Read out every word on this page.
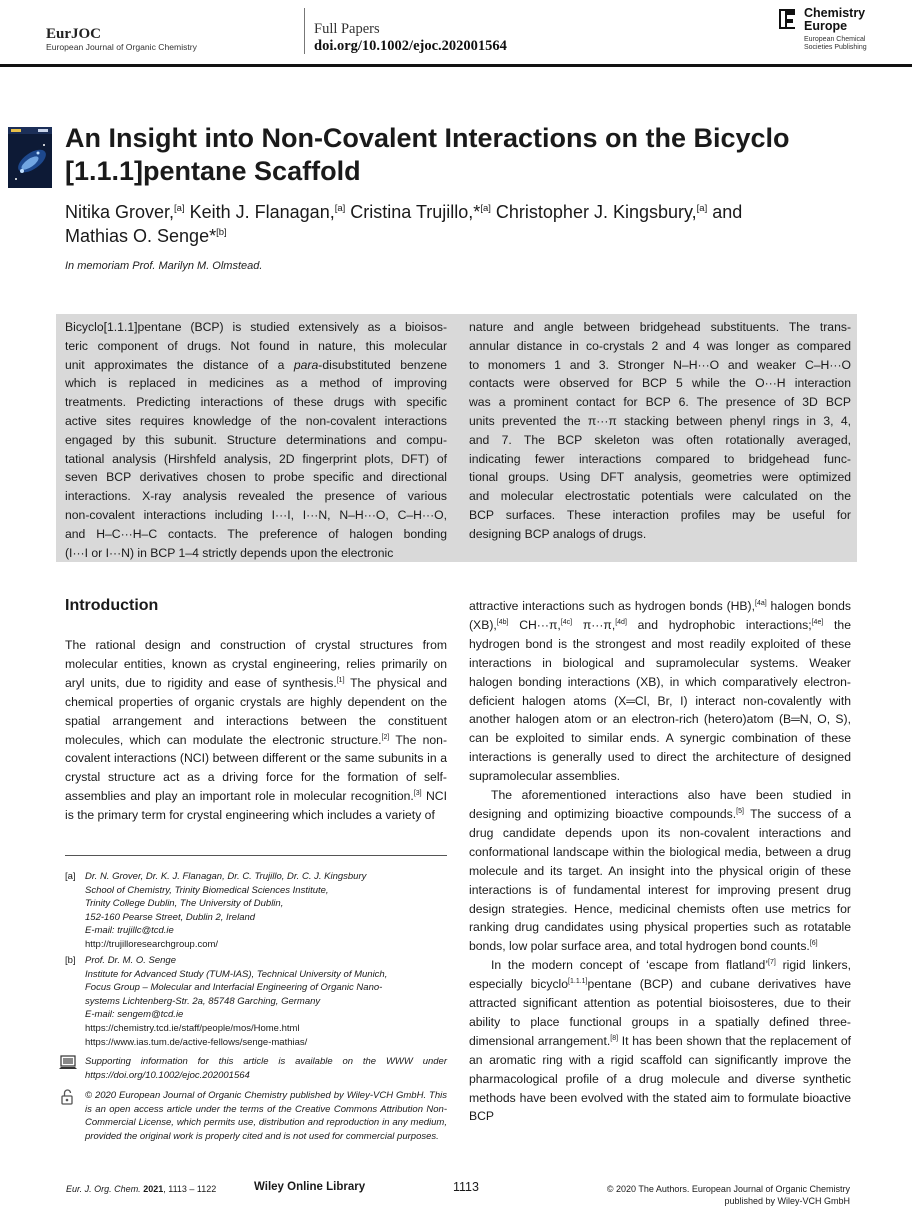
EurJOC
European Journal of Organic Chemistry
Full Papers
doi.org/10.1002/ejoc.202001564
Chemistry
Europe
European Chemical
Societies Publishing
An Insight into Non-Covalent Interactions on the Bicyclo
[1.1.1]pentane Scaffold
Nitika Grover,[a] Keith J. Flanagan,[a] Cristina Trujillo,*[a] Christopher J. Kingsbury,[a] and
Mathias O. Senge*[b]
In memoriam Prof. Marilyn M. Olmstead.
Bicyclo[1.1.1]pentane (BCP) is studied extensively as a bioisos-
teric component of drugs. Not found in nature, this molecular
unit approximates the distance of a para-disubstituted benzene
which is replaced in medicines as a method of improving
treatments. Predicting interactions of these drugs with specific
active sites requires knowledge of the non-covalent interactions
engaged by this subunit. Structure determinations and compu-
tational analysis (Hirshfeld analysis, 2D fingerprint plots, DFT) of
seven BCP derivatives chosen to probe specific and directional
interactions. X-ray analysis revealed the presence of various
non-covalent interactions including I···I, I···N, N‒H···O, C‒H···O,
and H‒C···H‒C contacts. The preference of halogen bonding
(I···I or I···N) in BCP 1–4 strictly depends upon the electronic
nature and angle between bridgehead substituents. The trans-
annular distance in co-crystals 2 and 4 was longer as compared
to monomers 1 and 3. Stronger N‒H···O and weaker C‒H···O
contacts were observed for BCP 5 while the O···H interaction
was a prominent contact for BCP 6. The presence of 3D BCP
units prevented the π···π stacking between phenyl rings in 3, 4,
and 7. The BCP skeleton was often rotationally averaged,
indicating fewer interactions compared to bridgehead func-
tional groups. Using DFT analysis, geometries were optimized
and molecular electrostatic potentials were calculated on the
BCP surfaces. These interaction profiles may be useful for
designing BCP analogs of drugs.
Introduction

The rational design and construction of crystal structures from molecular entities, known as crystal engineering, relies primarily on aryl units, due to rigidity and ease of synthesis.[1] The physical and chemical properties of organic crystals are highly dependent on the spatial arrangement and interactions between the constituent molecules, which can modulate the electronic structure.[2] The non-covalent interactions (NCI) between different or the same subunits in a crystal structure act as a driving force for the formation of self-assemblies and play an important role in molecular recognition.[3] NCI is the primary term for crystal engineering which includes a variety of

attractive interactions such as hydrogen bonds (HB),[4a] halogen bonds (XB),[4b] CH···π,[4c] π···π,[4d] and hydrophobic interactions;[4e] the hydrogen bond is the strongest and most readily exploited of these interactions in biological and supramolecular systems. Weaker halogen bonding interactions (XB), in which comparatively electron-deficient halogen atoms (X═Cl, Br, I) interact non-covalently with another halogen atom or an electron-rich (hetero)atom (B═N, O, S), can be exploited to similar ends. A synergic combination of these interactions is generally used to direct the architecture of designed supramolecular assemblies.

The aforementioned interactions also have been studied in designing and optimizing bioactive compounds.[5] The success of a drug candidate depends upon its non-covalent interactions and conformational landscape within the biological media, between a drug molecule and its target. An insight into the physical origin of these interactions is of fundamental interest for improving present drug design strategies. Hence, medicinal chemists often use metrics for ranking drug candidates using physical properties such as rotatable bonds, low polar surface area, and total hydrogen bond counts.[6]

In the modern concept of ‘escape from flatland’[7] rigid linkers, especially bicyclo[1.1.1]pentane (BCP) and cubane derivatives have attracted significant attention as potential bioisosteres, due to their ability to place functional groups in a spatially defined three-dimensional arrangement.[8] It has been shown that the replacement of an aromatic ring with a rigid scaffold can significantly improve the pharmacological profile of a drug molecule and diverse synthetic methods have been evolved with the stated aim to formulate bioactive BCP

[a] Dr. N. Grover, Dr. K. J. Flanagan, Dr. C. Trujillo, Dr. C. J. Kingsbury
School of Chemistry, Trinity Biomedical Sciences Institute,
Trinity College Dublin, The University of Dublin,
152-160 Pearse Street, Dublin 2, Ireland
E-mail: trujillc@tcd.ie
http://trujilloresearchgroup.com/
[b] Prof. Dr. M. O. Senge
Institute for Advanced Study (TUM-IAS), Technical University of Munich,
Focus Group – Molecular and Interfacial Engineering of Organic Nano-
systems Lichtenberg-Str. 2a, 85748 Garching, Germany
E-mail: sengem@tcd.ie
https://chemistry.tcd.ie/staff/people/mos/Home.html
https://www.ias.tum.de/active-fellows/senge-mathias/
Supporting information for this article is available on the WWW under https://doi.org/10.1002/ejoc.202001564
© 2020 European Journal of Organic Chemistry published by Wiley-VCH GmbH. This is an open access article under the terms of the Creative Commons Attribution Non-Commercial License, which permits use, distribution and reproduction in any medium, provided the original work is properly cited and is not used for commercial purposes.
Eur. J. Org. Chem. 2021, 1113 – 1122	Wiley Online Library	1113	© 2020 The Authors. European Journal of Organic Chemistry
published by Wiley-VCH GmbH
